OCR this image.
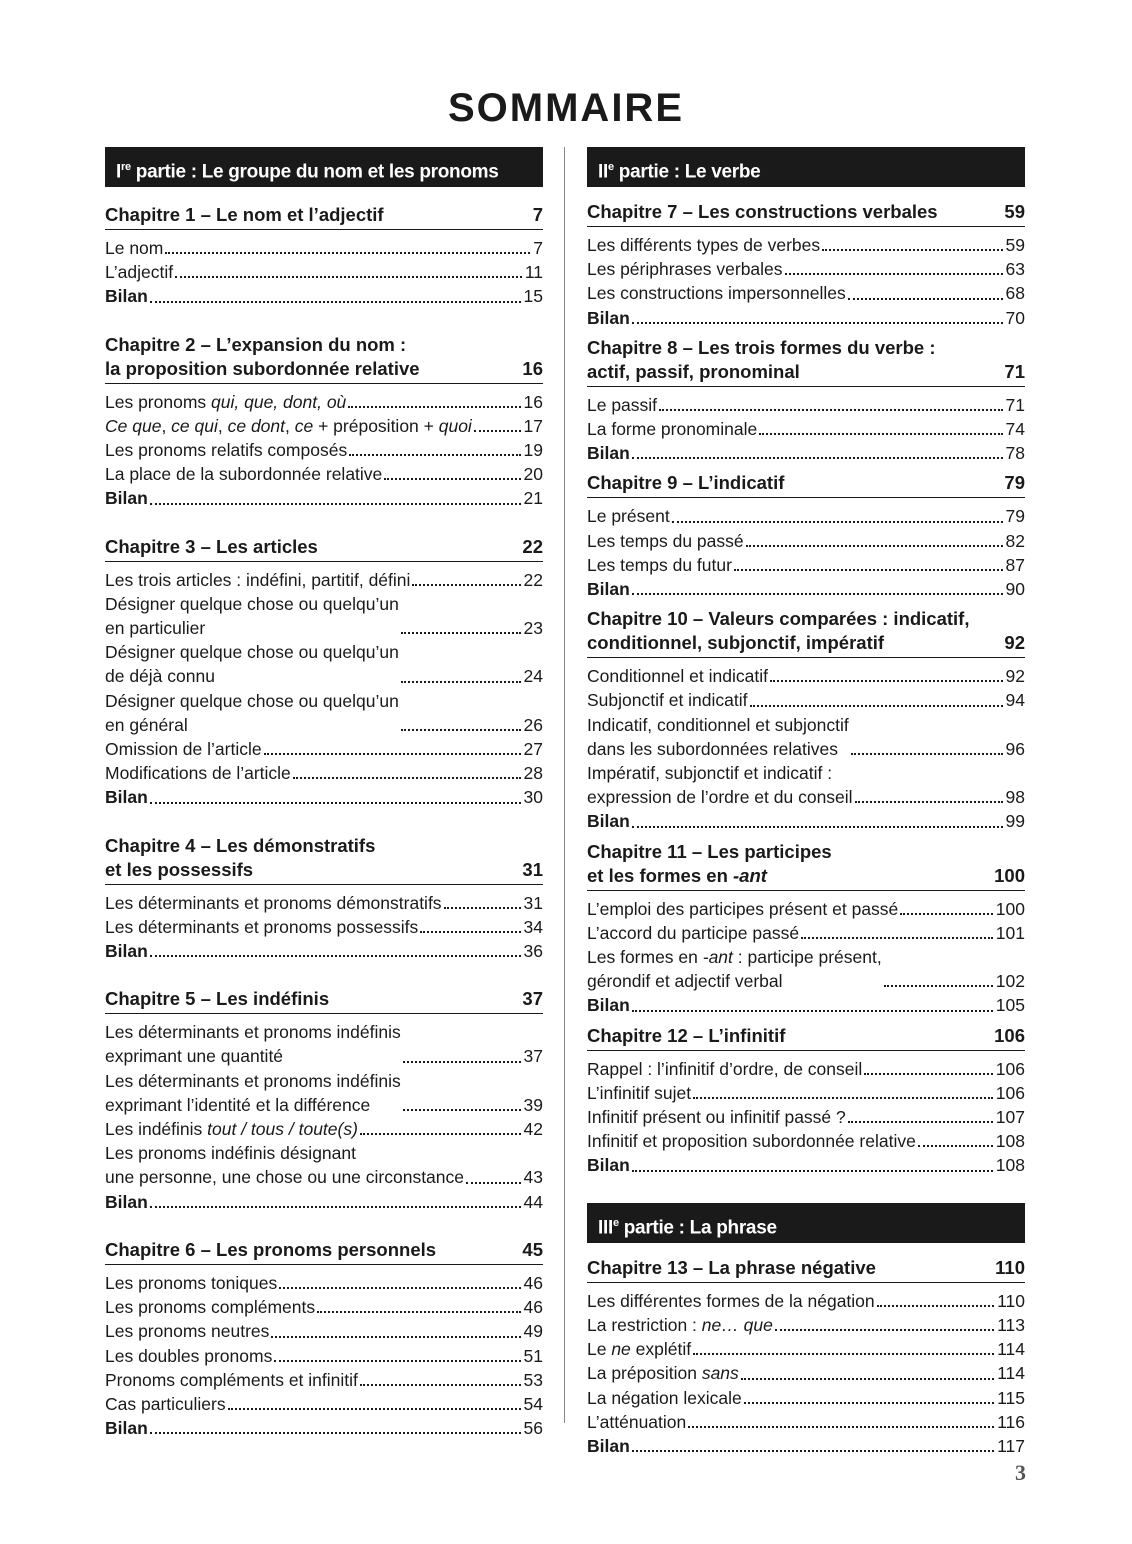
SOMMAIRE
Ire partie : Le groupe du nom et les pronoms
Chapitre 1 – Le nom et l’adjectif	7
Le nom	7
L’adjectif	11
Bilan	15
Chapitre 2 – L’expansion du nom :
la proposition subordonnée relative	16
Les pronoms qui, que, dont, où	16
Ce que, ce qui, ce dont, ce + préposition + quoi	17
Les pronoms relatifs composés	19
La place de la subordonnée relative	20
Bilan	21
Chapitre 3 – Les articles	22
Les trois articles : indéfini, partitif, défini	22
Désigner quelque chose ou quelqu’un
en particulier	23
Désigner quelque chose ou quelqu’un
de déjà connu	24
Désigner quelque chose ou quelqu’un
en général	26
Omission de l’article	27
Modifications de l’article	28
Bilan	30
Chapitre 4 – Les démonstratifs
et les possessifs	31
Les déterminants et pronoms démonstratifs	31
Les déterminants et pronoms possessifs	34
Bilan	36
Chapitre 5 – Les indéfinis	37
Les déterminants et pronoms indéfinis
exprimant une quantité	37
Les déterminants et pronoms indéfinis
exprimant l’identité et la différence	39
Les indéfinis tout / tous / toute(s)	42
Les pronoms indéfinis désignant
une personne, une chose ou une circonstance	43
Bilan	44
Chapitre 6 – Les pronoms personnels	45
Les pronoms toniques	46
Les pronoms compléments	46
Les pronoms neutres	49
Les doubles pronoms	51
Pronoms compléments et infinitif	53
Cas particuliers	54
Bilan	56
IIe partie : Le verbe
Chapitre 7 – Les constructions verbales	59
Les différents types de verbes	59
Les périphrases verbales	63
Les constructions impersonnelles	68
Bilan	70
Chapitre 8 – Les trois formes du verbe :
actif, passif, pronominal	71
Le passif	71
La forme pronominale	74
Bilan	78
Chapitre 9 – L’indicatif	79
Le présent	79
Les temps du passé	82
Les temps du futur	87
Bilan	90
Chapitre 10 – Valeurs comparées : indicatif,
conditionnel, subjonctif, impératif	92
Conditionnel et indicatif	92
Subjonctif et indicatif	94
Indicatif, conditionnel et subjonctif
dans les subordonnées relatives	96
Impératif, subjonctif et indicatif :
expression de l’ordre et du conseil	98
Bilan	99
Chapitre 11 – Les participes
et les formes en -ant	100
L’emploi des participes présent et passé	100
L’accord du participe passé	101
Les formes en -ant : participe présent,
gérondif et adjectif verbal	102
Bilan	105
Chapitre 12 – L’infinitif	106
Rappel : l’infinitif d’ordre, de conseil	106
L’infinitif sujet	106
Infinitif présent ou infinitif passé ?	107
Infinitif et proposition subordonnée relative	108
Bilan	108
IIIe partie : La phrase
Chapitre 13 – La phrase négative	110
Les différentes formes de la négation	110
La restriction : ne… que	113
Le ne explétif	114
La préposition sans	114
La négation lexicale	115
L’atténuation	116
Bilan	117
3
